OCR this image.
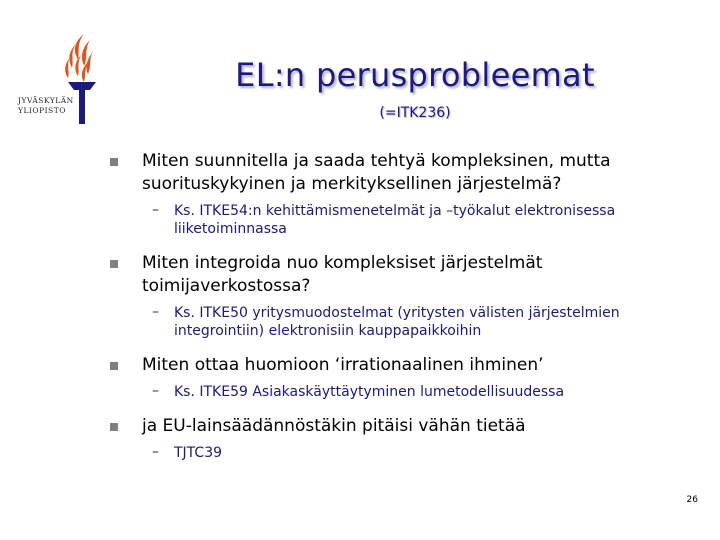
JYVÄSKYLÄN
YLIOPISTO
EL:n perusprobleemat
(=ITK236)
Miten suunnitella ja saada tehtyä kompleksinen, mutta suorituskykyinen ja merkityksellinen järjestelmä?
– Ks. ITKE54:n kehittämismenetelmät ja –työkalut elektronisessa liiketoiminnassa
Miten integroida nuo kompleksiset järjestelmät toimijaverkostossa?
– Ks. ITKE50 yritysmuodostelmat (yritysten välisten järjestelmien integrointiin) elektronisiin kauppapaikkoihin
Miten ottaa huomioon ‘irrationaalinen ihminen’
– Ks. ITKE59 Asiakaskäyttäytyminen lumetodellisuudessa
ja EU-lainsäädännöstäkin pitäisi vähän tietää
– TJTC39
26
